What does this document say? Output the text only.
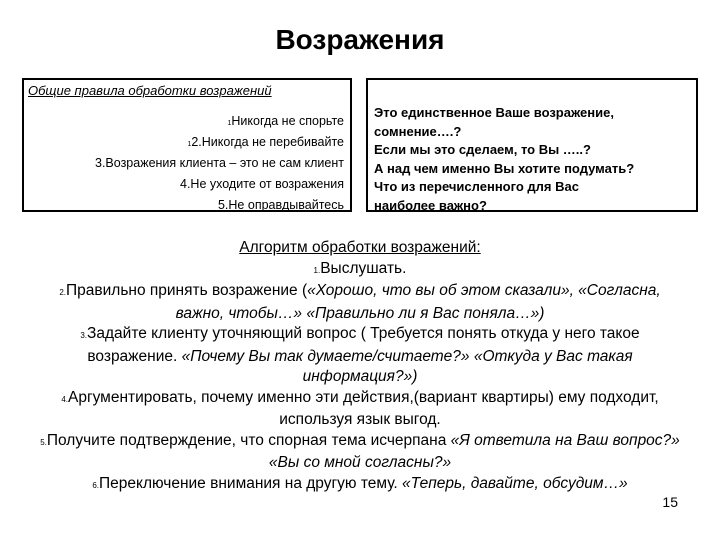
Возражения
Общие правила обработки возражений
1Никогда не спорьте
12.Никогда не перебивайте
3.Возражения клиента – это не сам клиент
4.Не уходите от возражения
5.Не оправдывайтесь
Это единственное Ваше возражение,
сомнение….?
Если мы это сделаем, то Вы …..?
А над чем именно Вы хотите подумать?
Что из перечисленного для Вас
наиболее важно?
Алгоритм обработки возражений:
1.Выслушать.
2.Правильно принять возражение («Хорошо, что вы об этом сказали», «Согласна, важно, чтобы…» «Правильно ли я Вас поняла…»)
3.Задайте клиенту уточняющий вопрос ( Требуется понять откуда у него такое возражение. «Почему Вы так думаете/считаете?» «Откуда у Вас такая информация?»)
4.Аргументировать, почему именно эти действия,(вариант квартиры) ему подходит, используя язык выгод.
5.Получите подтверждение, что спорная тема исчерпана «Я ответила на Ваш вопрос?» «Вы со мной согласны?»
6.Переключение внимания на другую тему. «Теперь, давайте, обсудим…»
15
